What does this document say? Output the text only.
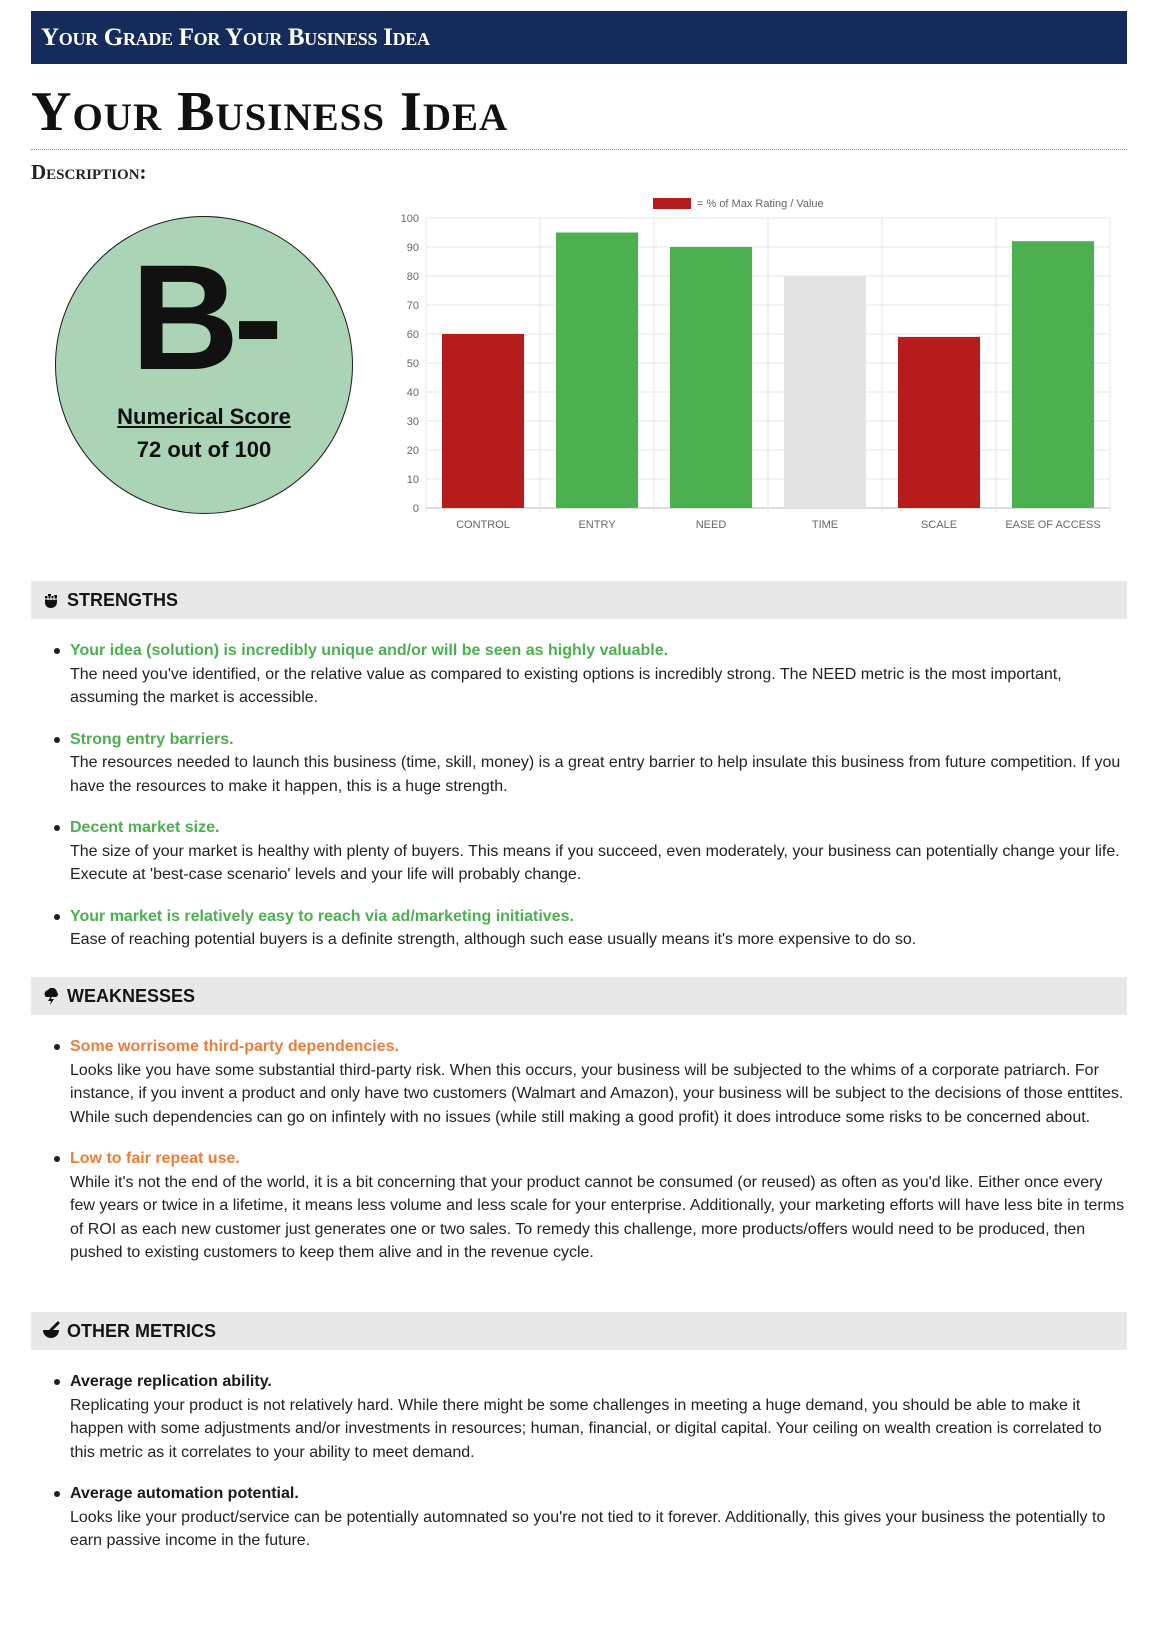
Your Grade For Your Business Idea
Your Business Idea
Description:
B-
Numerical Score
72 out of 100
= % of Max Rating / Value
0
10
20
30
40
50
60
70
80
90
100
CONTROL	ENTRY	NEED	TIME	SCALE	EASE OF ACCESS
STRENGTHS
Your idea (solution) is incredibly unique and/or will be seen as highly valuable.
The need you've identified, or the relative value as compared to existing options is incredibly strong. The NEED metric is the most important, assuming the market is accessible.
Strong entry barriers.
The resources needed to launch this business (time, skill, money) is a great entry barrier to help insulate this business from future competition. If you have the resources to make it happen, this is a huge strength.
Decent market size.
The size of your market is healthy with plenty of buyers. This means if you succeed, even moderately, your business can potentially change your life. Execute at 'best-case scenario' levels and your life will probably change.
Your market is relatively easy to reach via ad/marketing initiatives.
Ease of reaching potential buyers is a definite strength, although such ease usually means it's more expensive to do so.
WEAKNESSES
Some worrisome third-party dependencies.
Looks like you have some substantial third-party risk. When this occurs, your business will be subjected to the whims of a corporate patriarch. For instance, if you invent a product and only have two customers (Walmart and Amazon), your business will be subject to the decisions of those enttites. While such dependencies can go on infintely with no issues (while still making a good profit) it does introduce some risks to be concerned about.
Low to fair repeat use.
While it's not the end of the world, it is a bit concerning that your product cannot be consumed (or reused) as often as you'd like. Either once every few years or twice in a lifetime, it means less volume and less scale for your enterprise. Additionally, your marketing efforts will have less bite in terms of ROI as each new customer just generates one or two sales. To remedy this challenge, more products/offers would need to be produced, then pushed to existing customers to keep them alive and in the revenue cycle.
OTHER METRICS
Average replication ability.
Replicating your product is not relatively hard. While there might be some challenges in meeting a huge demand, you should be able to make it happen with some adjustments and/or investments in resources; human, financial, or digital capital. Your ceiling on wealth creation is correlated to this metric as it correlates to your ability to meet demand.
Average automation potential.
Looks like your product/service can be potentially automnated so you're not tied to it forever. Additionally, this gives your business the potentially to earn passive income in the future.
